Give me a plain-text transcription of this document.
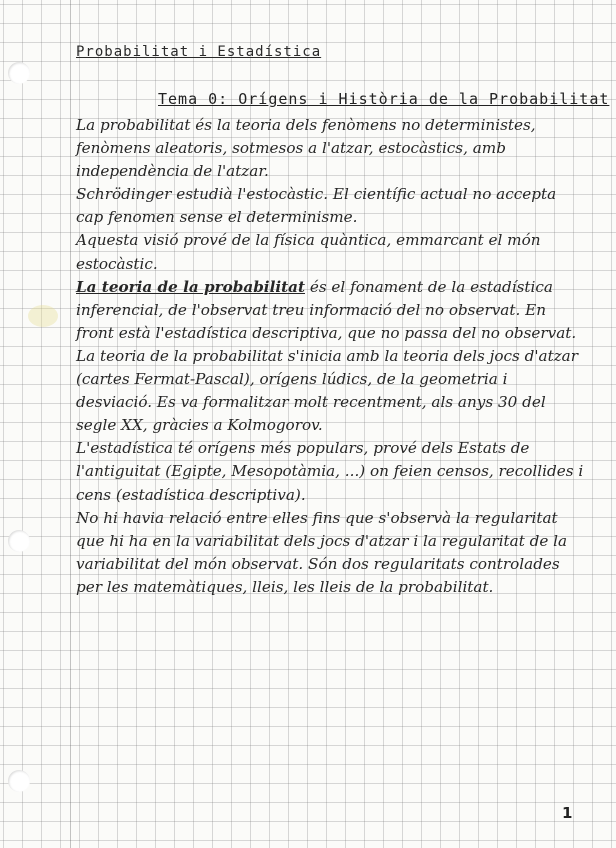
Probabilitat i Estadística
Tema 0: Orígens i Història de la Probabilitat

La probabilitat és la teoria dels fenòmens no deterministes, fenòmens aleatoris, sotmesos a l'atzar, estocàstics, amb independència de l'atzar.

Schrödinger estudià l'estocàstic. El científic actual no accepta cap fenomen sense el determinisme.

Aquesta visió prové de la física quàntica, emmarcant el món estocàstic.

La teoria de la probabilitat és el fonament de la estadística inferencial, de l'observat treu informació del no observat. En front està l'estadística descriptiva, que no passa del no observat.

La teoria de la probabilitat s'inicia amb la teoria dels jocs d'atzar (cartes Fermat-Pascal), orígens lúdics, de la geometria i desviació. Es va formalitzar molt recentment, als anys 30 del segle XX, gràcies a Kolmogorov.

L'estadística té orígens més populars, prové dels Estats de l'antiguitat (Egipte, Mesopotàmia, ...) on feien censos, recollides i cens (estadística descriptiva).

No hi havia relació entre elles fins que s'observà la regularitat que hi ha en la variabilitat dels jocs d'atzar i la regularitat de la variabilitat del món observat. Són dos regularitats controlades per les matemàtiques, lleis, les lleis de la probabilitat.

1
